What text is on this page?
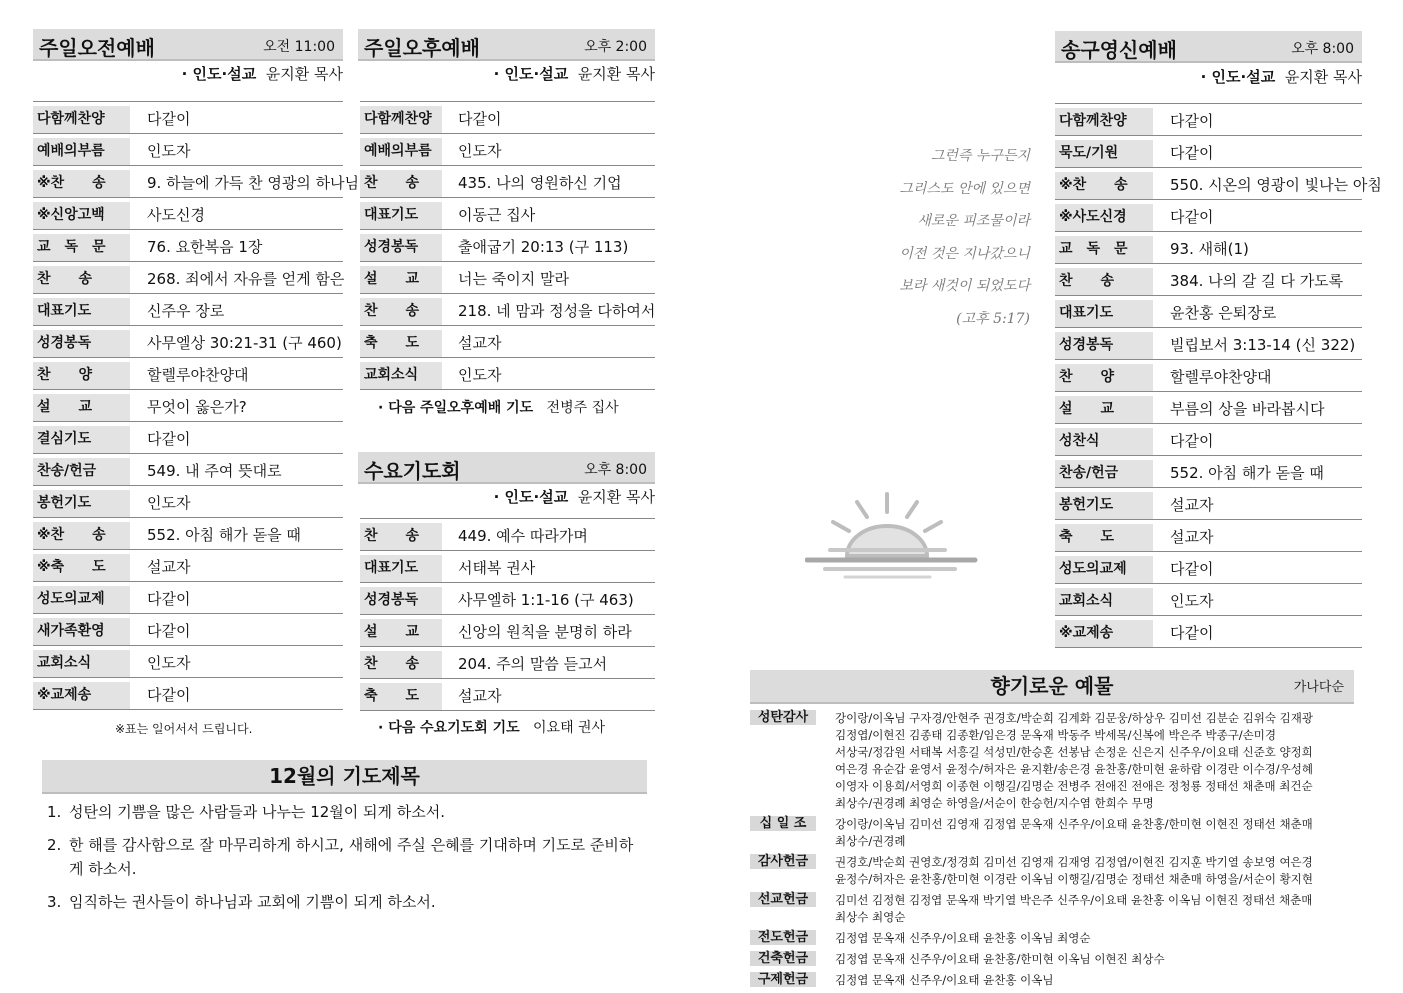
주일오전예배	오전 11:00
· 인도·설교 윤지환 목사
다함께찬양	다같이
예배의부름	인도자
※찬　　송	9. 하늘에 가득 찬 영광의 하나님
※신앙고백	사도신경
교　독　문	76. 요한복음 1장
찬　　송	268. 죄에서 자유를 얻게 함은
대표기도	신주우 장로
성경봉독	사무엘상 30:21-31 (구 460)
찬　　양	할렐루야찬양대
설　　교	무엇이 옳은가?
결심기도	다같이
찬송/헌금	549. 내 주여 뜻대로
봉헌기도	인도자
※찬　　송	552. 아침 해가 돋을 때
※축　　도	설교자
성도의교제	다같이
새가족환영	다같이
교회소식	인도자
※교제송	다같이
※표는 일어서서 드립니다.
주일오후예배	오후 2:00
· 인도·설교 윤지환 목사
다함께찬양	다같이
예배의부름	인도자
찬　　송	435. 나의 영원하신 기업
대표기도	이동근 집사
성경봉독	출애굽기 20:13 (구 113)
설　　교	너는 죽이지 말라
찬　　송	218. 네 맘과 정성을 다하여서
축　　도	설교자
교회소식	인도자
· 다음 주일오후예배 기도 전병주 집사
수요기도회	오후 8:00
· 인도·설교 윤지환 목사
찬　　송	449. 예수 따라가며
대표기도	서태복 권사
성경봉독	사무엘하 1:1-16 (구 463)
설　　교	신앙의 원칙을 분명히 하라
찬　　송	204. 주의 말씀 듣고서
축　　도	설교자
· 다음 수요기도회 기도 이요태 권사
12월의 기도제목
1. 성탄의 기쁨을 많은 사람들과 나누는 12월이 되게 하소서.
2. 한 해를 감사함으로 잘 마무리하게 하시고, 새해에 주실 은혜를 기대하며 기도로 준비하게 하소서.
3. 임직하는 권사들이 하나님과 교회에 기쁨이 되게 하소서.
그런즉 누구든지
그리스도 안에 있으면
새로운 피조물이라
이전 것은 지나갔으니
보라 새것이 되었도다
(고후 5:17)
송구영신예배	오후 8:00
· 인도·설교 윤지환 목사
다함께찬양	다같이
묵도/기원	다같이
※찬　　송	550. 시온의 영광이 빛나는 아침
※사도신경	다같이
교　독　문	93. 새해(1)
찬　　송	384. 나의 갈 길 다 가도록
대표기도	윤찬홍 은퇴장로
성경봉독	빌립보서 3:13-14 (신 322)
찬　　양	할렐루야찬양대
설　　교	부름의 상을 바라봅시다
성찬식	다같이
찬송/헌금	552. 아침 해가 돋을 때
봉헌기도	설교자
축　　도	설교자
성도의교제	다같이
교회소식	인도자
※교제송	다같이
향기로운 예물	가나다순
성탄감사	강이랑/이옥님 구자경/안현주 권경호/박순희 김계화 김문웅/하상우 김미선 김분순 김위숙 김재광
김정엽/이현진 김종태 김종환/임은경 문옥재 박동주 박세목/신복에 박은주 박종구/손미경
서상국/정감원 서태복 서흥길 석성민/한승혼 선봉남 손정운 신은지 신주우/이요태 신준호 양정희
여은경 유순갑 윤영서 윤정수/허자은 윤지환/송은경 윤찬홍/한미현 윤하람 이경란 이수경/우성혜
이영자 이용희/서영희 이종현 이행길/김명순 전병주 전애진 전애은 정청룡 정태선 채춘매 최건순
최상수/권경례 최영순 하영을/서순이 한승헌/지수염 한희수 무명
십 일 조	강이랑/이옥님 김미선 김영재 김정엽 문옥재 신주우/이요태 윤찬홍/한미현 이현진 정태선 채춘매
최상수/권경례
감사헌금	권경호/박순희 권영호/정경희 김미선 김영재 김재영 김정엽/이현진 김지훈 박기열 송보영 여은경
윤정수/허자은 윤찬홍/한미현 이경란 이옥님 이행길/김명순 정태선 채춘매 하영을/서순이 황지현
선교헌금	김미선 김정현 김정엽 문옥재 박기열 박은주 신주우/이요태 윤찬홍 이옥님 이현진 정태선 채춘매
최상수 최영순
전도헌금	김정엽 문옥재 신주우/이요태 윤찬홍 이옥님 최영순
건축헌금	김정엽 문옥재 신주우/이요태 윤찬홍/한미현 이옥님 이현진 최상수
구제헌금	김정엽 문옥재 신주우/이요태 윤찬홍 이옥님
